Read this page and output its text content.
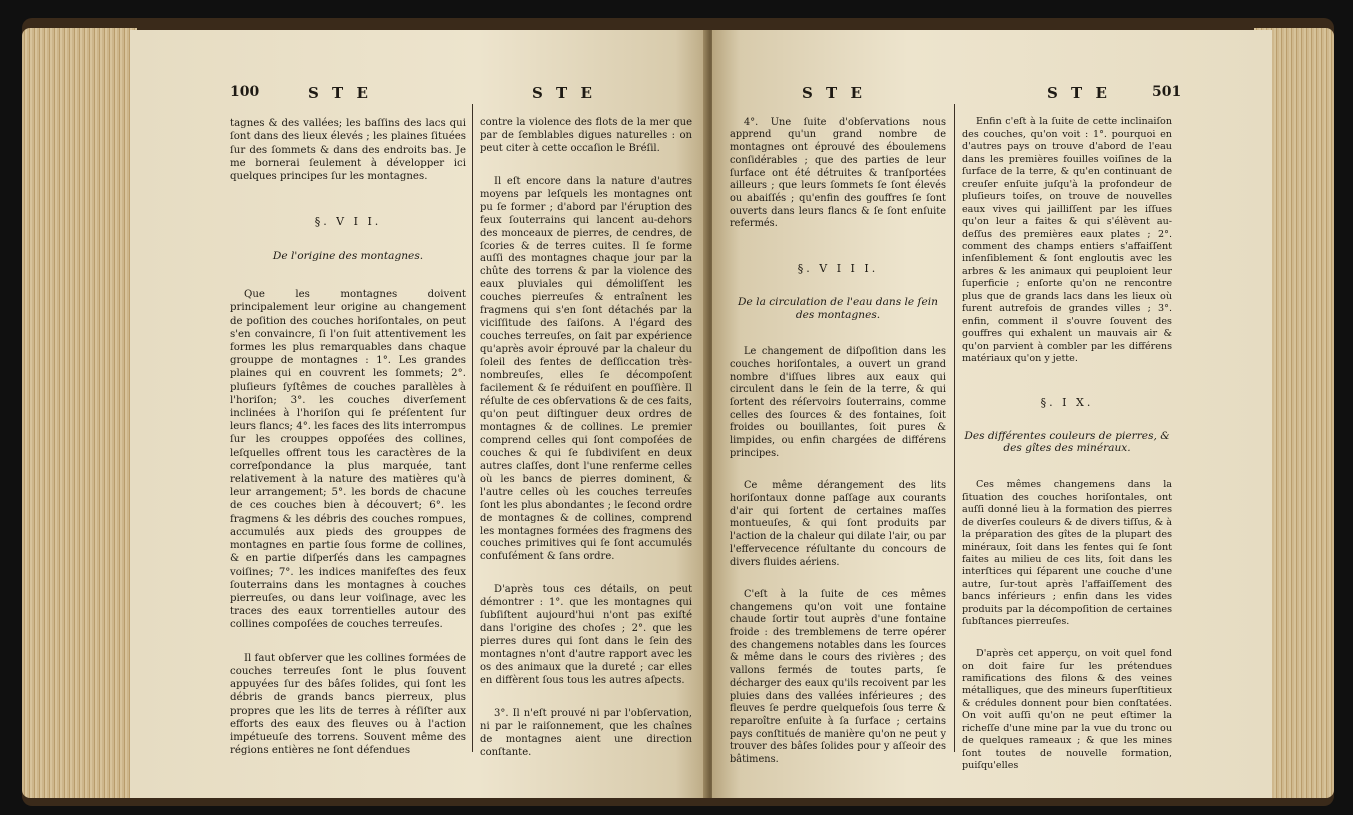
100	S T E	S T E

tagnes & des vallées; les baſſins des lacs qui ſont dans des lieux élevés ; les plaines ſituées ſur des ſommets & dans des endroits bas. Je me bornerai ſeulement à développer ici quelques principes ſur les montagnes.

§. V I I.

De l'origine des montagnes.

Que les montagnes doivent principalement leur origine au changement de poſition des couches horiſontales, on peut s'en convaincre, ſi l'on ſuit attentivement les formes les plus remarquables dans chaque grouppe de montagnes : 1°. Les grandes plaines qui en couvrent les ſommets; 2°. pluſieurs ſyſtêmes de couches parallèles à l'horiſon; 3°. les couches diverſement inclinées à l'horiſon qui ſe préſentent ſur leurs flancs; 4°. les faces des lits interrompus ſur les crouppes oppoſées des collines, leſquelles offrent tous les caractères de la correſpondance la plus marquée, tant relativement à la nature des matières qu'à leur arrangement; 5°. les bords de chacune de ces couches bien à découvert; 6°. les fragmens & les débris des couches rompues, accumulés aux pieds des grouppes de montagnes en partie ſous forme de collines, & en partie diſperſés dans les campagnes voiſines; 7°. les indices manifeſtes des feux ſouterrains dans les montagnes à couches pierreuſes, ou dans leur voiſinage, avec les traces des eaux torrentielles autour des collines compoſées de couches terreuſes.

Il faut obſerver que les collines formées de couches terreuſes ſont le plus ſouvent appuyées ſur des bâſes ſolides, qui ſont les débris de grands bancs pierreux, plus propres que les lits de terres à réſiſter aux efforts des eaux des fleuves ou à l'action impétueuſe des torrens. Souvent même des régions entières ne ſont défendues

contre la violence des flots de la mer que par de ſemblables digues naturelles : on peut citer à cette occaſion le Bréſil.

Il eſt encore dans la nature d'autres moyens par leſquels les montagnes ont pu ſe former ; d'abord par l'éruption des feux ſouterrains qui lancent au-dehors des monceaux de pierres, de cendres, de ſcories & de terres cuites. Il ſe forme auſſi des montagnes chaque jour par la chûte des torrens & par la violence des eaux pluviales qui démoliſſent les couches pierreuſes & entraînent les fragmens qui s'en ſont détachés par la viciſſitude des ſaiſons. A l'égard des couches terreuſes, on ſait par expérience qu'après avoir éprouvé par la chaleur du ſoleil des fentes de deſſiccation très-nombreuſes, elles ſe décompoſent facilement & ſe réduiſent en pouſſière. Il réſulte de ces obſervations & de ces faits, qu'on peut diſtinguer deux ordres de montagnes & de collines. Le premier comprend celles qui ſont compoſées de couches & qui ſe ſubdiviſent en deux autres claſſes, dont l'une renferme celles où les bancs de pierres dominent, & l'autre celles où les couches terreuſes ſont les plus abondantes ; le ſecond ordre de montagnes & de collines, comprend les montagnes formées des fragmens des couches primitives qui ſe ſont accumulés confuſément & ſans ordre.

D'après tous ces détails, on peut démontrer : 1°. que les montagnes qui ſubſiſtent aujourd'hui n'ont pas exiſté dans l'origine des choſes ; 2°. que les pierres dures qui ſont dans le ſein des montagnes n'ont d'autre rapport avec les os des animaux que la dureté ; car elles en diffèrent ſous tous les autres aſpects.

3°. Il n'eſt prouvé ni par l'obſervation, ni par le raiſonnement, que les chaînes de montagnes aient une direction conſtante.

S T E	S T E	501

4°. Une ſuite d'obſervations nous apprend qu'un grand nombre de montagnes ont éprouvé des éboulemens conſidérables ; que des parties de leur ſurface ont été détruites & tranſportées ailleurs ; que leurs ſommets ſe ſont élevés ou abaiſſés ; qu'enfin des gouffres ſe ſont ouverts dans leurs flancs & ſe ſont enſuite refermés.

§. V I I I.

De la circulation de l'eau dans le ſein des montagnes.

Le changement de diſpoſition dans les couches horiſontales, a ouvert un grand nombre d'iſſues libres aux eaux qui circulent dans le ſein de la terre, & qui ſortent des réſervoirs ſouterrains, comme celles des ſources & des fontaines, ſoit froides ou bouillantes, ſoit pures & limpides, ou enfin chargées de différens principes.

Ce même dérangement des lits horiſontaux donne paſſage aux courants d'air qui ſortent de certaines maſſes montueuſes, & qui ſont produits par l'action de la chaleur qui dilate l'air, ou par l'effervecence réſultante du concours de divers fluides aériens.

C'eſt à la ſuite de ces mêmes changemens qu'on voit une fontaine chaude ſortir tout auprès d'une fontaine froide : des tremblemens de terre opérer des changemens notables dans les ſources & même dans le cours des rivières ; des vallons fermés de toutes parts, ſe décharger des eaux qu'ils recoivent par les pluies dans des vallées inférieures ; des fleuves ſe perdre quelquefois ſous terre & reparoître enſuite à ſa ſurface ; certains pays conſtitués de manière qu'on ne peut y trouver des bâſes ſolides pour y aſſeoir des bâtimens.

Enfin c'eſt à la ſuite de cette inclinaiſon des couches, qu'on voit : 1°. pourquoi en d'autres pays on trouve d'abord de l'eau dans les premières fouilles voiſines de la ſurface de la terre, & qu'en continuant de creuſer enſuite juſqu'à la profondeur de pluſieurs toiſes, on trouve de nouvelles eaux vives qui jailliſſent par les iſſues qu'on leur a faites & qui s'élèvent au-deſſus des premières eaux plates ; 2°. comment des champs entiers s'affaiſſent inſenſiblement & ſont engloutis avec les arbres & les animaux qui peuploient leur ſuperficie ; enſorte qu'on ne rencontre plus que de grands lacs dans les lieux où furent autrefois de grandes villes ; 3°. enfin, comment il s'ouvre ſouvent des gouffres qui exhalent un mauvais air & qu'on parvient à combler par les différens matériaux qu'on y jette.

§. I X.

Des différentes couleurs de pierres, & des gîtes des minéraux.

Ces mêmes changemens dans la ſituation des couches horiſontales, ont auſſi donné lieu à la formation des pierres de diverſes couleurs & de divers tiſſus, & à la préparation des gîtes de la plupart des minéraux, ſoit dans les fentes qui ſe ſont faites au milieu de ces lits, ſoit dans les interſtices qui ſéparent une couche d'une autre, ſur-tout après l'affaiſſement des bancs inférieurs ; enfin dans les vides produits par la décompoſition de certaines ſubſtances pierreuſes.

D'après cet apperçu, on voit quel fond on doit faire ſur les prétendues ramifications des filons & des veines métalliques, que des mineurs ſuperſtitieux & crédules donnent pour bien conſtatées. On voit auſſi qu'on ne peut eſtimer la richeſſe d'une mine par la vue du tronc ou de quelques rameaux ; & que les mines ſont toutes de nouvelle formation, puiſqu'elles
